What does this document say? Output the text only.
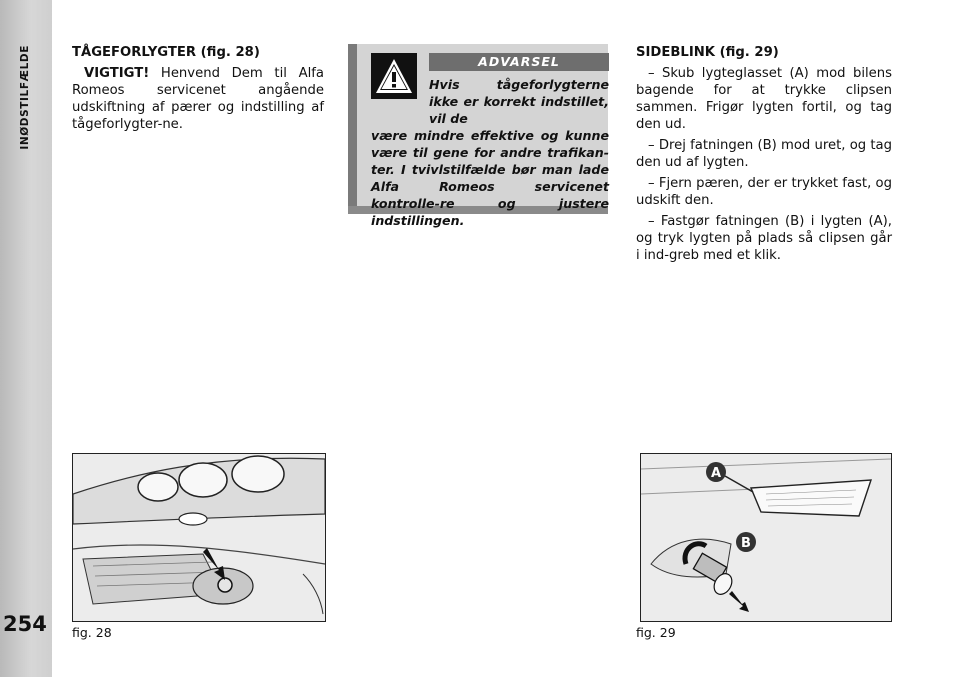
INØDSTILFÆLDE
254

TÅGEFORLYGTER (fig. 28)

VIGTIGT! Henvend Dem til Alfa Romeos servicenet angående udskiftning af pærer og indstilling af tågeforlygter-ne.

ADVARSEL
Hvis tågeforlygterne ikke er korrekt indstillet, vil de
være mindre effektive og kunne være til gene for andre trafikan-ter. I tvivlstilfælde bør man lade Alfa Romeos servicenet kontrolle-re og justere indstillingen.

SIDEBLINK (fig. 29)

– Skub lygteglasset (A) mod bilens bagende for at trykke clipsen sammen. Frigør lygten fortil, og tag den ud.

– Drej fatningen (B) mod uret, og tag den ud af lygten.

– Fjern pæren, der er trykket fast, og udskift den.

– Fastgør fatningen (B) i lygten (A), og tryk lygten på plads så clipsen går i ind-greb med et klik.

fig. 28
A
B
fig. 29
